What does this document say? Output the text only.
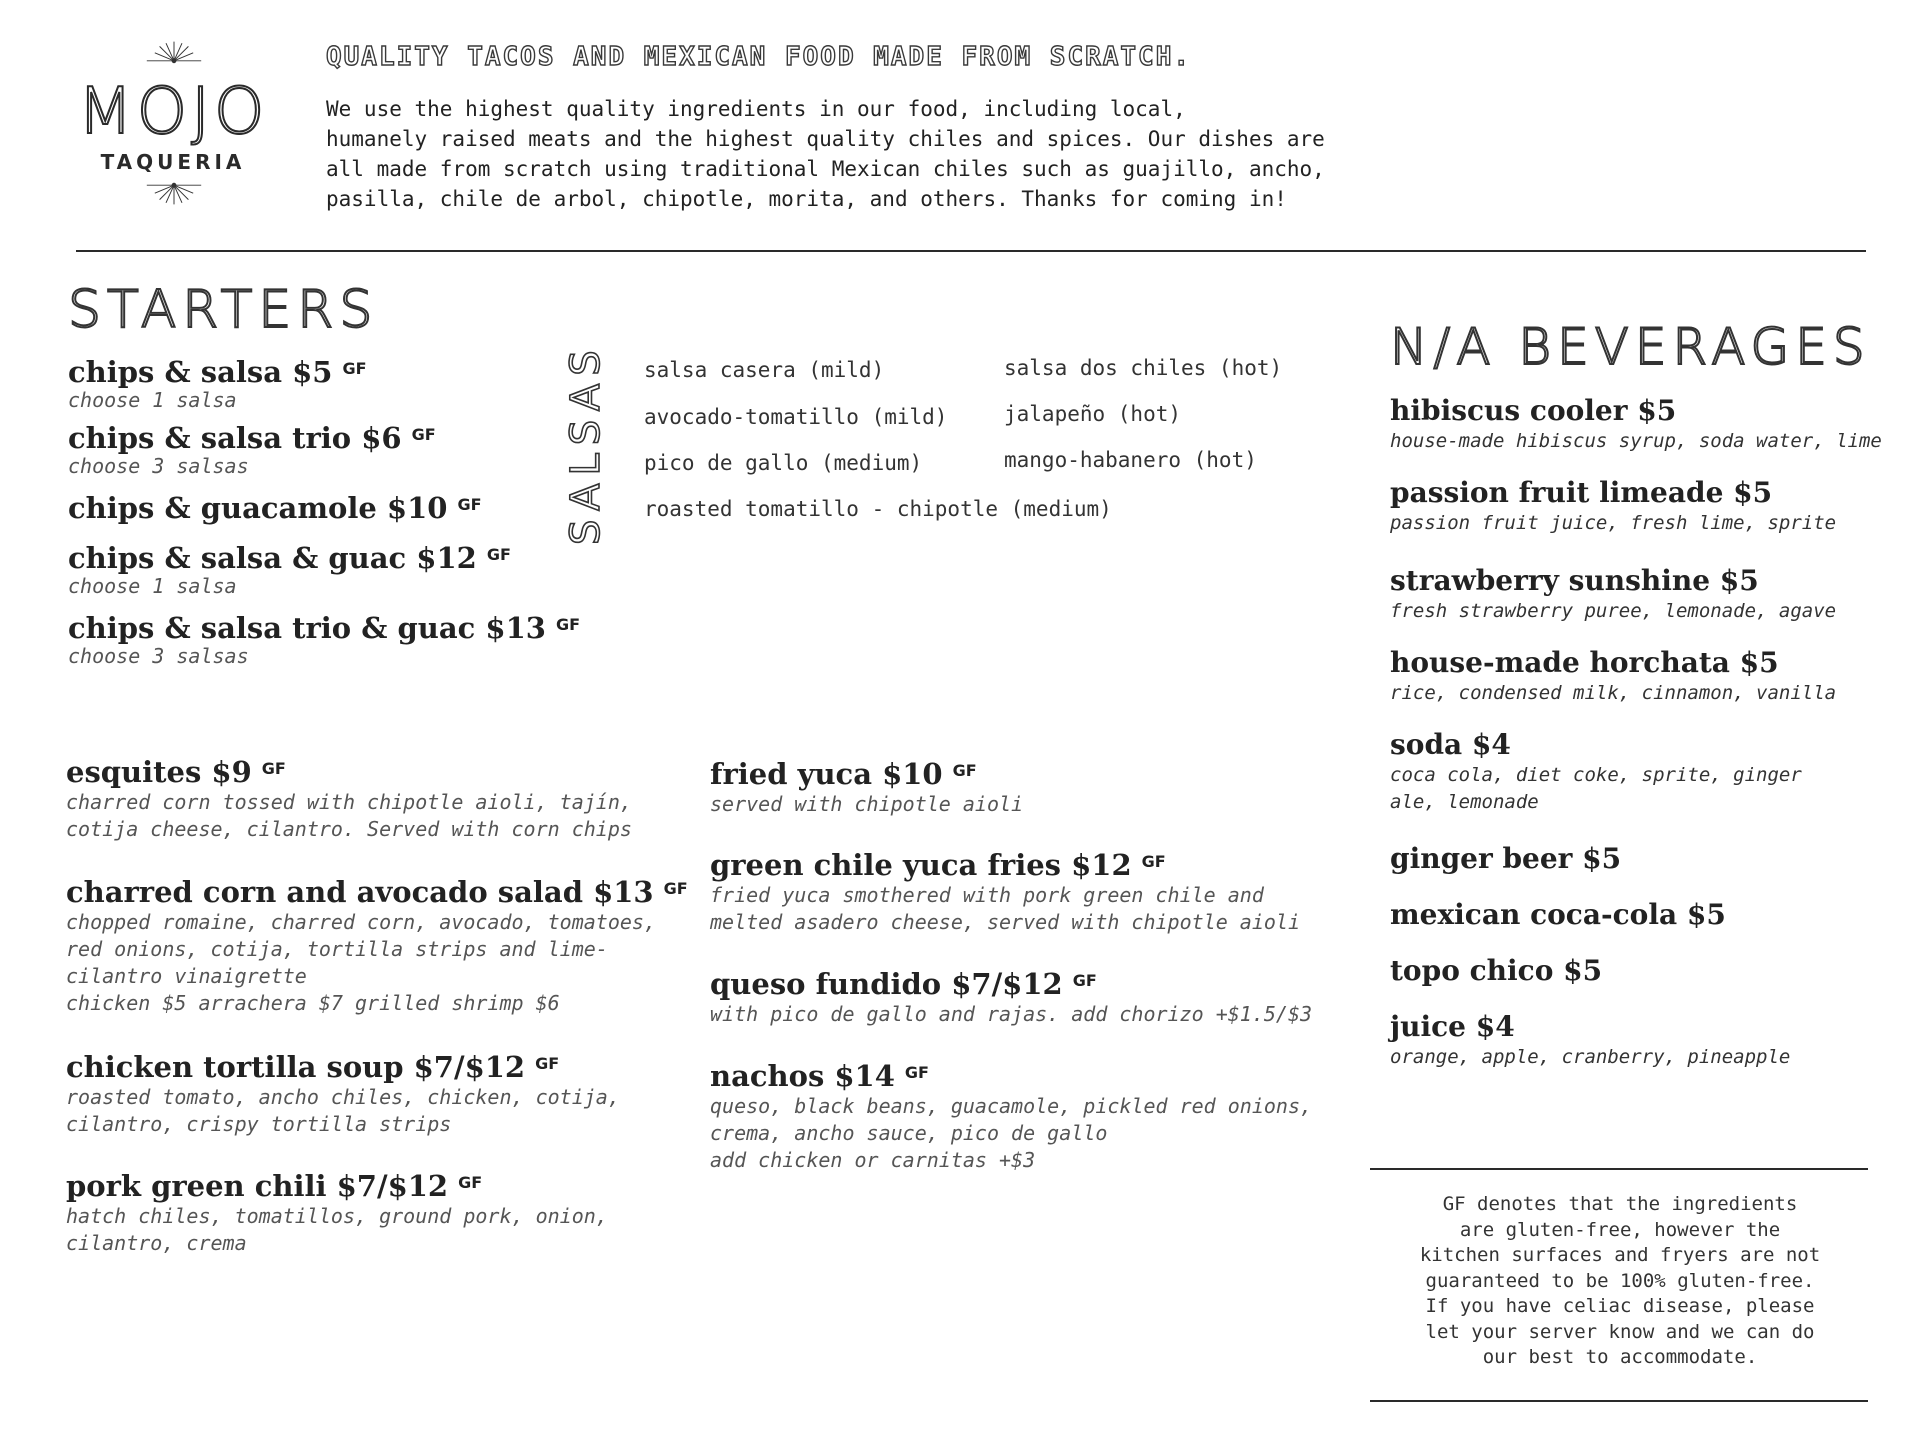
MOJO
TAQUERIA
QUALITY TACOS AND MEXICAN FOOD MADE FROM SCRATCH.
We use the highest quality ingredients in our food, including local,
humanely raised meats and the highest quality chiles and spices. Our dishes are
all made from scratch using traditional Mexican chiles such as guajillo, ancho,
pasilla, chile de arbol, chipotle, morita, and others. Thanks for coming in!
STARTERS
chips & salsa $5 $^{GF}$
choose 1 salsa
chips & salsa trio $6 $^{GF}$
choose 3 salsas
chips & guacamole $10 $^{GF}$
chips & salsa & guac $12 $^{GF}$
choose 1 salsa
chips & salsa trio & guac $13 $^{GF}$
choose 3 salsas
SALSAS salsa casera (mild)
avocado-tomatillo (mild)
pico de gallo (medium)
roasted tomatillo - chipotle (medium)
salsa dos chiles (hot)
jalapeño (hot)
mango-habanero (hot)
esquites $9 $^{GF}$
charred corn tossed with chipotle aioli, tajín,
cotija cheese, cilantro. Served with corn chips
charred corn and avocado salad $13 $^{GF}$
chopped romaine, charred corn, avocado, tomatoes,
red onions, cotija, tortilla strips and lime-
cilantro vinaigrette
chicken $5 arrachera $7 grilled shrimp $6
chicken tortilla soup $7/$12 $^{GF}$
roasted tomato, ancho chiles, chicken, cotija,
cilantro, crispy tortilla strips
pork green chili $7/$12 $^{GF}$
hatch chiles, tomatillos, ground pork, onion,
cilantro, crema
fried yuca $10 $^{GF}$
served with chipotle aioli
green chile yuca fries $12 $^{GF}$
fried yuca smothered with pork green chile and
melted asadero cheese, served with chipotle aioli
queso fundido $7/$12 $^{GF}$
with pico de gallo and rajas. add chorizo +$1.5/$3
nachos $14 $^{GF}$
queso, black beans, guacamole, pickled red onions,
crema, ancho sauce, pico de gallo
add chicken or carnitas +$3
N/A BEVERAGES
hibiscus cooler $5
house-made hibiscus syrup, soda water, lime
passion fruit limeade $5
passion fruit juice, fresh lime, sprite
strawberry sunshine $5
fresh strawberry puree, lemonade, agave
house-made horchata $5
rice, condensed milk, cinnamon, vanilla
soda $4
coca cola, diet coke, sprite, ginger
ale, lemonade
ginger beer $5
mexican coca-cola $5
topo chico $5
juice $4
orange, apple, cranberry, pineapple
GF denotes that the ingredients
are gluten-free, however the
kitchen surfaces and fryers are not
guaranteed to be 100% gluten-free.
If you have celiac disease, please
let your server know and we can do
our best to accommodate.
